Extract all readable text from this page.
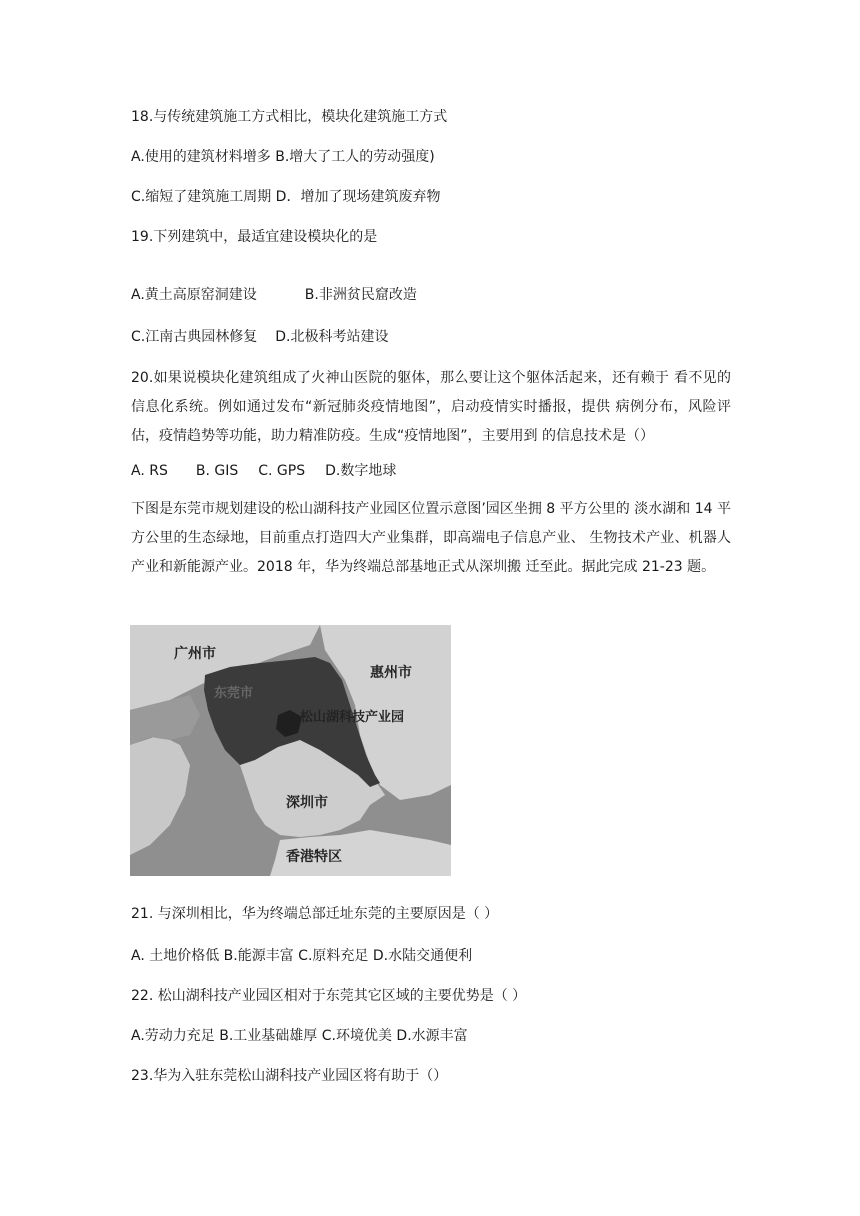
18.与传统建筑施工方式相比，模块化建筑施工方式

A.使用的建筑材料增多 B.增大了工人的劳动强度)

C.缩短了建筑施工周期 D．增加了现场建筑废弃物

19.下列建筑中，最适宜建设模块化的是

A.黄土高原窑洞建设	B.非洲贫民窟改造

C.江南古典园林修复 D.北极科考站建设

20.如果说模块化建筑组成了火神山医院的躯体，那么要让这个躯体活起来，还有赖于 看不见的信息化系统。例如通过发布“新冠肺炎疫情地图”，启动疫情实时播报，提供 病例分布，风险评估，疫情趋势等功能，助力精准防疫。生成“疫情地图”，主要用到 的信息技术是（）

A. RS B. GIS C. GPS D.数字地球

下图是东莞市规划建设的松山湖科技产业园区位置示意图’园区坐拥 8 平方公里的 淡水湖和 14 平方公里的生态绿地，目前重点打造四大产业集群，即高端电子信息产业、 生物技术产业、机器人产业和新能源产业。2018 年，华为终端总部基地正式从深圳搬 迁至此。据此完成 21-23 题。

广州市
惠州市
东莞市
松山湖科技产业园
深圳市
香港特区

21. 与深圳相比，华为终端总部迁址东莞的主要原因是（ ）

A. 土地价格低 B.能源丰富 C.原料充足 D.水陆交通便利

22. 松山湖科技产业园区相对于东莞其它区域的主要优势是（ ）

A.劳动力充足 B.工业基础雄厚 C.环境优美 D.水源丰富

23.华为入驻东莞松山湖科技产业园区将有助于（）
